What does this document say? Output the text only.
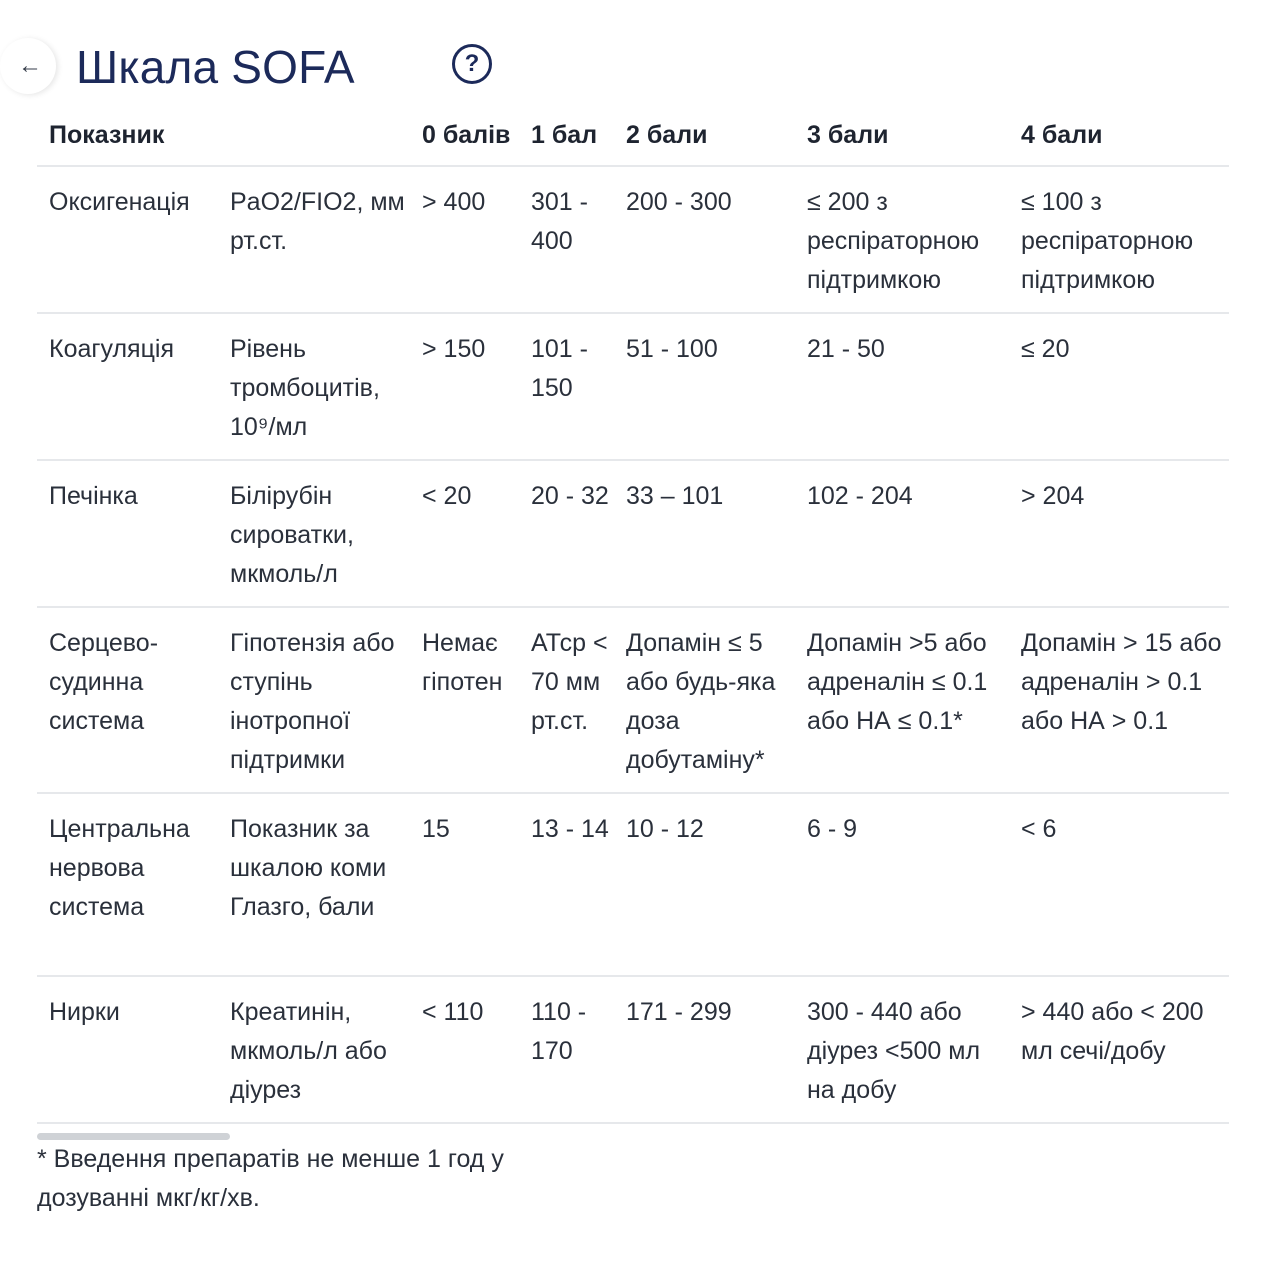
← Шкала SOFA	?
Показник		0 балів	1 бал	2 бали	3 бали	4 бали
Оксигенація	PaO2/FIO2, мм рт.ст.	> 400	301 - 400	200 - 300	≤ 200 з респіраторною підтримкою	≤ 100 з респіраторною підтримкою
Коагуляція	Рівень тромбоцитів, 10⁹/мл	> 150	101 - 150	51 - 100	21 - 50	≤ 20
Печінка	Білірубін сироватки, мкмоль/л	< 20	20 - 32	33 – 101	102 - 204	> 204
Серцево-судинна система	Гіпотензія або ступінь інотропної підтримки	Немає гіпотен	АТср < 70 мм рт.ст.	Допамін ≤ 5 або будь-яка доза добутаміну*	Допамін >5 або адреналін ≤ 0.1 або НА ≤ 0.1*	Допамін > 15 або адреналін > 0.1 або НА > 0.1
Центральна нервова система	Показник за шкалою коми Глазго, бали	15	13 - 14	10 - 12	6 - 9	< 6
Нирки	Креатинін, мкмоль/л або діурез	< 110	110 - 170	171 - 299	300 - 440 або діурез <500 мл на добу	> 440 або < 200 мл сечі/добу
* Введення препаратів не менше 1 год у дозуванні мкг/кг/хв.
